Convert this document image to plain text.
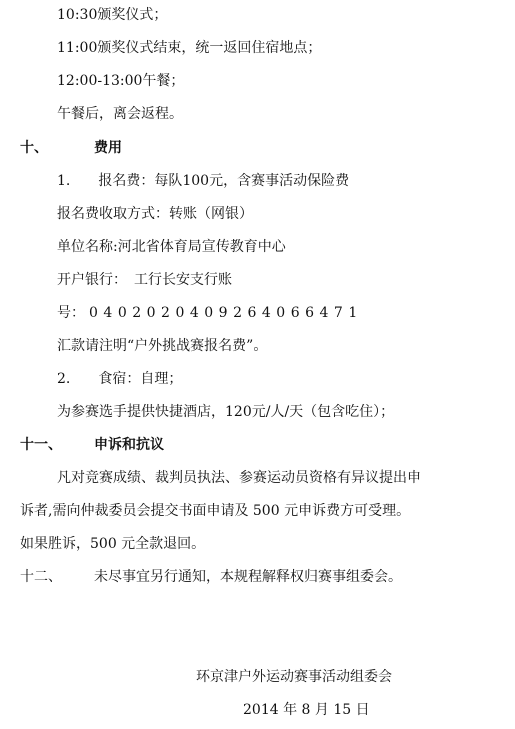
10:30颁奖仪式；
11:00颁奖仪式结束，统一返回住宿地点；
12:00-13:00午餐；
午餐后，离会返程。
十、	费用
1.　　报名费：每队100元，含赛事活动保险费
报名费收取方式：转账（网银）
单位名称:河北省体育局宣传教育中心
开户银行：　工行长安支行账
号： 0402020409264066471
汇款请注明“户外挑战赛报名费”。
2.　　食宿：自理；
为参赛选手提供快捷酒店，120元/人/天（包含吃住）；
十一、 申诉和抗议
凡对竞赛成绩、裁判员执法、参赛运动员资格有异议提出申
诉者,需向仲裁委员会提交书面申请及 500 元申诉费方可受理。
如果胜诉，500 元全款退回。
十二、 未尽事宜另行通知，本规程解释权归赛事组委会。
环京津户外运动赛事活动组委会
2014 年 8 月 15 日
